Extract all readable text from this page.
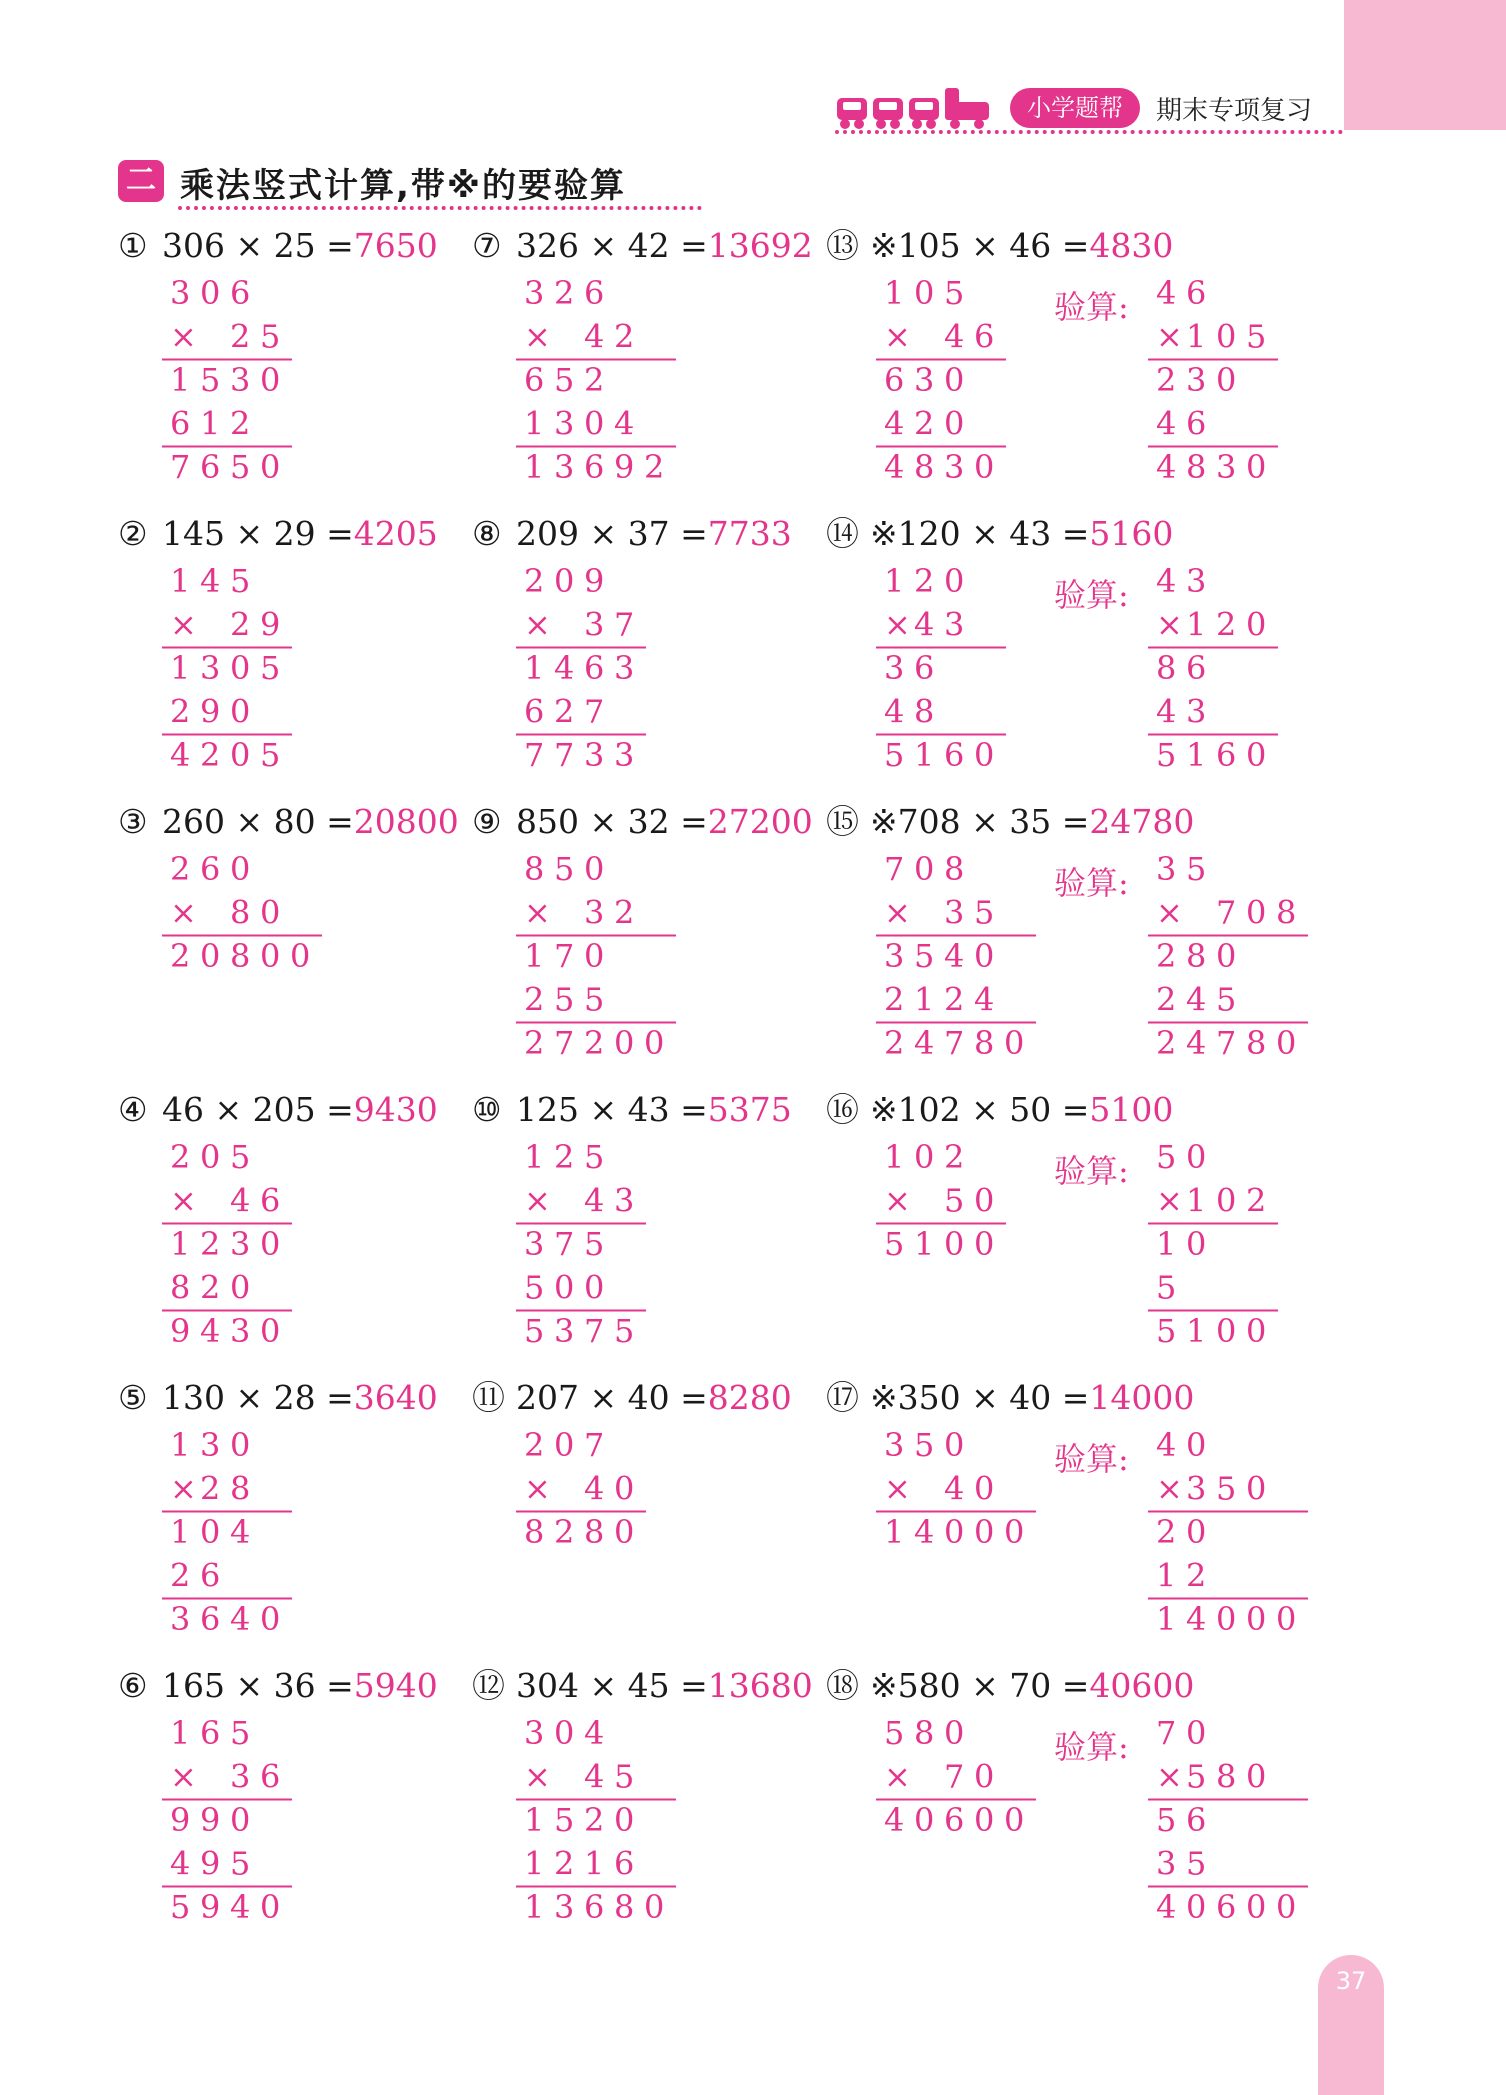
小学题帮	期末专项复习
二 乘法竖式计算,带※的要验算
① 306 × 25 =7650
3 0 6
× 2 5
1 5 3 0
6 1 2
7 6 5 0
② 145 × 29 =4205
1 4 5
× 2 9
1 3 0 5
2 9 0
4 2 0 5
③ 260 × 80 =20800
2 6 0
× 8 0
2 0 8 0 0
④ 46 × 205 =9430
2 0 5
× 4 6
1 2 3 0
8 2 0
9 4 3 0
⑤ 130 × 28 =3640
1 3 0
× 2 8
1 0 4
2 6
3 6 4 0
⑥ 165 × 36 =5940
1 6 5
× 3 6
9 9 0
4 9 5
5 9 4 0
⑦ 326 × 42 =13692
3 2 6
× 4 2
6 5 2
1 3 0 4
1 3 6 9 2
⑧ 209 × 37 =7733
2 0 9
× 3 7
1 4 6 3
6 2 7
7 7 3 3
⑨ 850 × 32 =27200
8 5 0
× 3 2
1 7 0
2 5 5
2 7 2 0 0
⑩ 125 × 43 =5375
1 2 5
× 4 3
3 7 5
5 0 0
5 3 7 5
⑪ 207 × 40 =8280
2 0 7
× 4 0
8 2 8 0
⑫ 304 × 45 =13680
3 0 4
× 4 5
1 5 2 0
1 2 1 6
1 3 6 8 0
⑬ ※105 × 46 =4830
验算:
1 0 5
× 4 6
6 3 0
4 2 0
4 8 3 0
4 6
× 1 0 5
2 3 0
4 6
4 8 3 0
⑭ ※120 × 43 =5160
验算:
1 2 0
× 4 3
3 6
4 8
5 1 6 0
4 3
× 1 2 0
8 6
4 3
5 1 6 0
⑮ ※708 × 35 =24780
验算:
7 0 8
× 3 5
3 5 4 0
2 1 2 4
2 4 7 8 0
3 5
× 7 0 8
2 8 0
2 4 5
2 4 7 8 0
⑯ ※102 × 50 =5100
验算:
1 0 2
× 5 0
5 1 0 0
5 0
× 1 0 2
1 0
5
5 1 0 0
⑰ ※350 × 40 =14000
验算:
3 5 0
× 4 0
1 4 0 0 0
4 0
× 3 5 0
2 0
1 2
1 4 0 0 0
⑱ ※580 × 70 =40600
验算:
5 8 0
× 7 0
4 0 6 0 0
7 0
× 5 8 0
5 6
3 5
4 0 6 0 0
37
